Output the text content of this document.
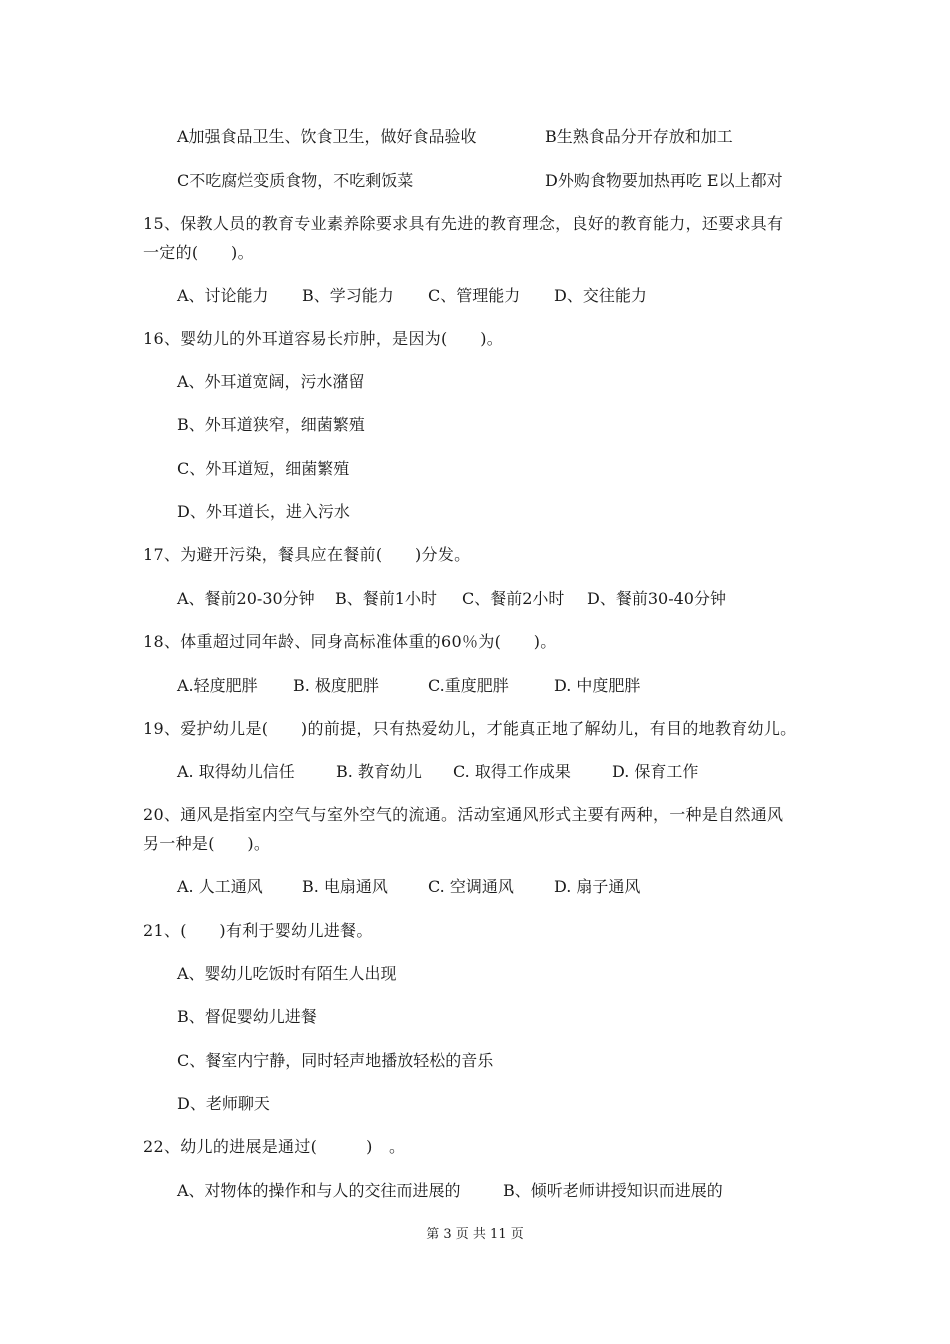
A加强食品卫生、饮食卫生，做好食品验收	B生熟食品分开存放和加工
C不吃腐烂变质食物，不吃剩饭菜	D外购食物要加热再吃 E以上都对
15、保教人员的教育专业素养除要求具有先进的教育理念，良好的教育能力，还要求具有
一定的(　　)。
A、讨论能力 B、学习能力 C、管理能力 D、交往能力
16、婴幼儿的外耳道容易长疖肿，是因为(　　)。
A、外耳道宽阔，污水潴留
B、外耳道狭窄，细菌繁殖
C、外耳道短，细菌繁殖
D、外耳道长，进入污水
17、为避开污染，餐具应在餐前(　　)分发。
A、餐前20-30分钟 B、餐前1小时 C、餐前2小时 D、餐前30-40分钟
18、体重超过同年龄、同身高标准体重的60％为(　　)。
A.轻度肥胖 B. 极度肥胖	C.重度肥胖	D. 中度肥胖
19、爱护幼儿是(　　)的前提，只有热爱幼儿，才能真正地了解幼儿，有目的地教育幼儿。
A. 取得幼儿信任	B. 教育幼儿 C. 取得工作成果	D. 保育工作
20、通风是指室内空气与室外空气的流通。活动室通风形式主要有两种，一种是自然通风
另一种是(　　)。
A. 人工通风 B. 电扇通风	C. 空调通风	D. 扇子通风
21、(　　)有利于婴幼儿进餐。
A、婴幼儿吃饭时有陌生人出现
B、督促婴幼儿进餐
C、餐室内宁静，同时轻声地播放轻松的音乐
D、老师聊天
22、幼儿的进展是通过(　　　)　。
A、对物体的操作和与人的交往而进展的	B、倾听老师讲授知识而进展的
第 3 页 共 11 页
